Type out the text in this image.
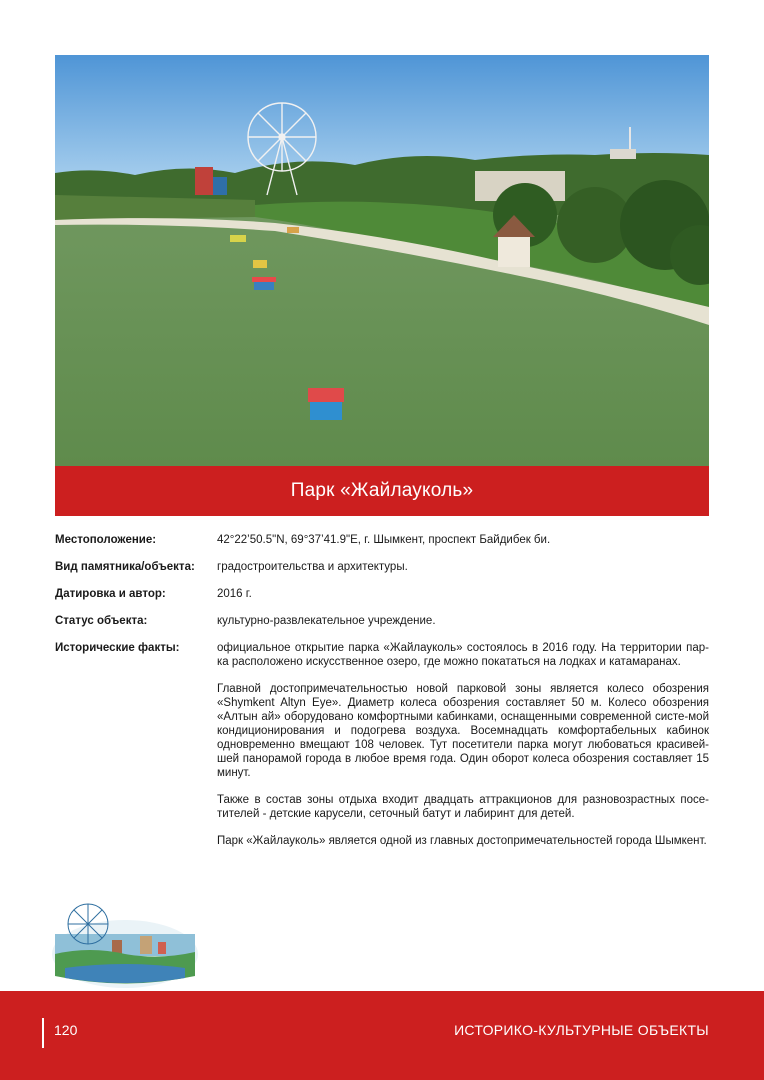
Парк «Жайлауколь»
Местоположение:	42°22’50.5"N, 69°37’41.9"E, г. Шымкент, проспект Байдибек би.
Вид памятника/объекта:	градостроительства и архитектуры.
Датировка и автор:	2016 г.
Статус объекта:	культурно-развлекательное учреждение.
Исторические факты:	официальное открытие парка «Жайлауколь» состоялось в 2016 году. На территории пар-ка расположено искусственное озеро, где можно покататься на лодках и катамаранах.

Главной достопримечательностью новой парковой зоны является колесо обозрения «Shymkent Altyn Eye». Диаметр колеса обозрения составляет 50 м. Колесо обозрения «Алтын ай» оборудовано комфортными кабинками, оснащенными современной систе-мой кондиционирования и подогрева воздуха. Восемнадцать комфортабельных кабинок одновременно вмещают 108 человек. Тут посетители парка могут любоваться красивей-шей панорамой города в любое время года. Один оборот колеса обозрения составляет 15 минут.

Также в состав зоны отдыха входит двадцать аттракционов для разновозрастных посе-тителей - детские карусели, сеточный батут и лабиринт для детей.

Парк «Жайлауколь» является одной из главных достопримечательностей города Шымкент.

120	ИСТОРИКО-КУЛЬТУРНЫЕ ОБЪЕКТЫ
